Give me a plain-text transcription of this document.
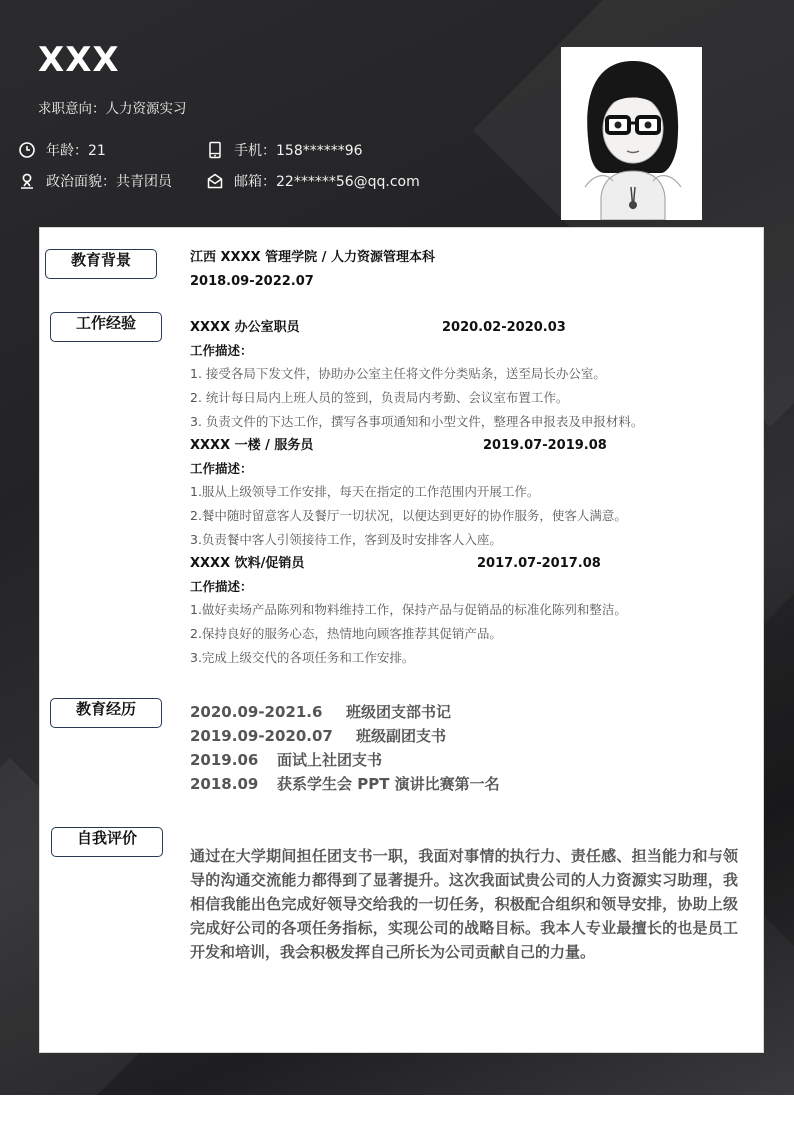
XXX
求职意向：人力资源实习
年龄：21
政治面貌：共青团员
手机：158******96
邮箱：22******56@qq.com
教育背景	江西 XXXX 管理学院 / 人力资源管理本科
2018.09-2022.07
工作经验	XXXX 办公室职员	2020.02-2020.03
工作描述：
1. 接受各局下发文件，协助办公室主任将文件分类贴条，送至局长办公室。
2. 统计每日局内上班人员的签到，负责局内考勤、会议室布置工作。
3. 负责文件的下达工作，撰写各事项通知和小型文件，整理各申报表及申报材料。
XXXX 一楼 / 服务员	2019.07-2019.08
工作描述：
1.服从上级领导工作安排，每天在指定的工作范围内开展工作。
2.餐中随时留意客人及餐厅一切状况，以便达到更好的协作服务，使客人满意。
3.负责餐中客人引领接待工作，客到及时安排客人入座。
XXXX 饮料/促销员	2017.07-2017.08
工作描述：
1.做好卖场产品陈列和物料维持工作，保持产品与促销品的标准化陈列和整洁。
2.保持良好的服务心态，热情地向顾客推荐其促销产品。
3.完成上级交代的各项任务和工作安排。
教育经历	2020.09-2021.6 班级团支部书记
2019.09-2020.07 班级副团支书
2019.06 面试上社团支书
2018.09 获系学生会 PPT 演讲比赛第一名
自我评价
通过在大学期间担任团支书一职，我面对事情的执行力、责任感、担当能力和与领导的沟通交流能力都得到了显著提升。这次我面试贵公司的人力资源实习助理，我相信我能出色完成好领导交给我的一切任务，积极配合组织和领导安排，协助上级完成好公司的各项任务指标，实现公司的战略目标。我本人专业最擅长的也是员工开发和培训，我会积极发挥自己所长为公司贡献自己的力量。
